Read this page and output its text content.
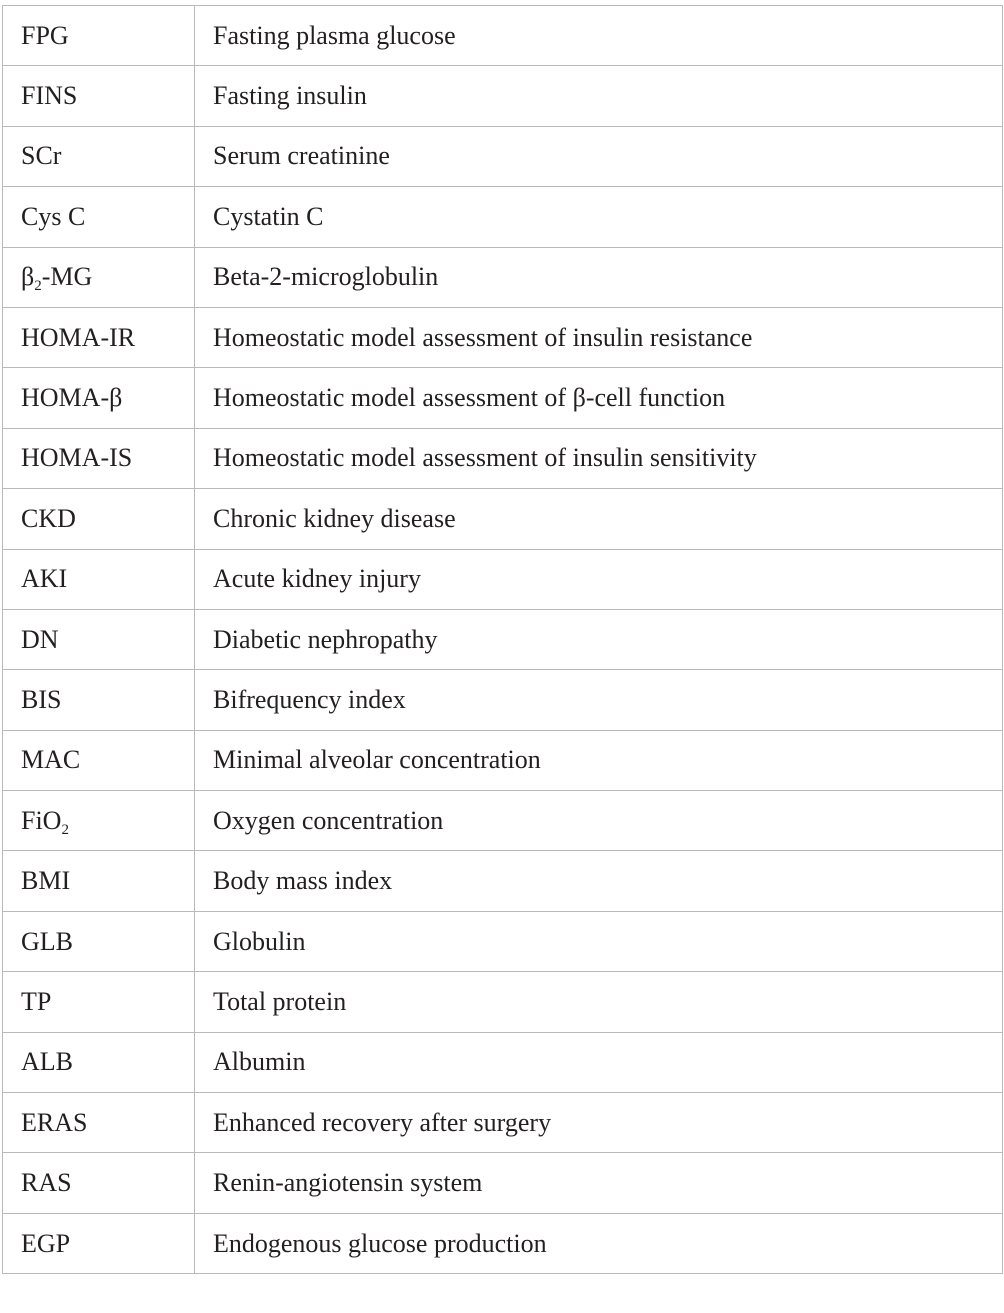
FPG	Fasting plasma glucose
FINS	Fasting insulin
SCr	Serum creatinine
Cys C	Cystatin C
$\beta_2-MG$	Beta-2-microglobulin
HOMA-IR	Homeostatic model assessment of insulin resistance
HOMA-β	Homeostatic model assessment of β-cell function
HOMA-IS	Homeostatic model assessment of insulin sensitivity
CKD	Chronic kidney disease
AKI	Acute kidney injury
DN	Diabetic nephropathy
BIS	Bifrequency index
MAC	Minimal alveolar concentration
FiO$_2$	Oxygen concentration
BMI	Body mass index
GLB	Globulin
TP	Total protein
ALB	Albumin
ERAS	Enhanced recovery after surgery
RAS	Renin-angiotensin system
EGP	Endogenous glucose production
